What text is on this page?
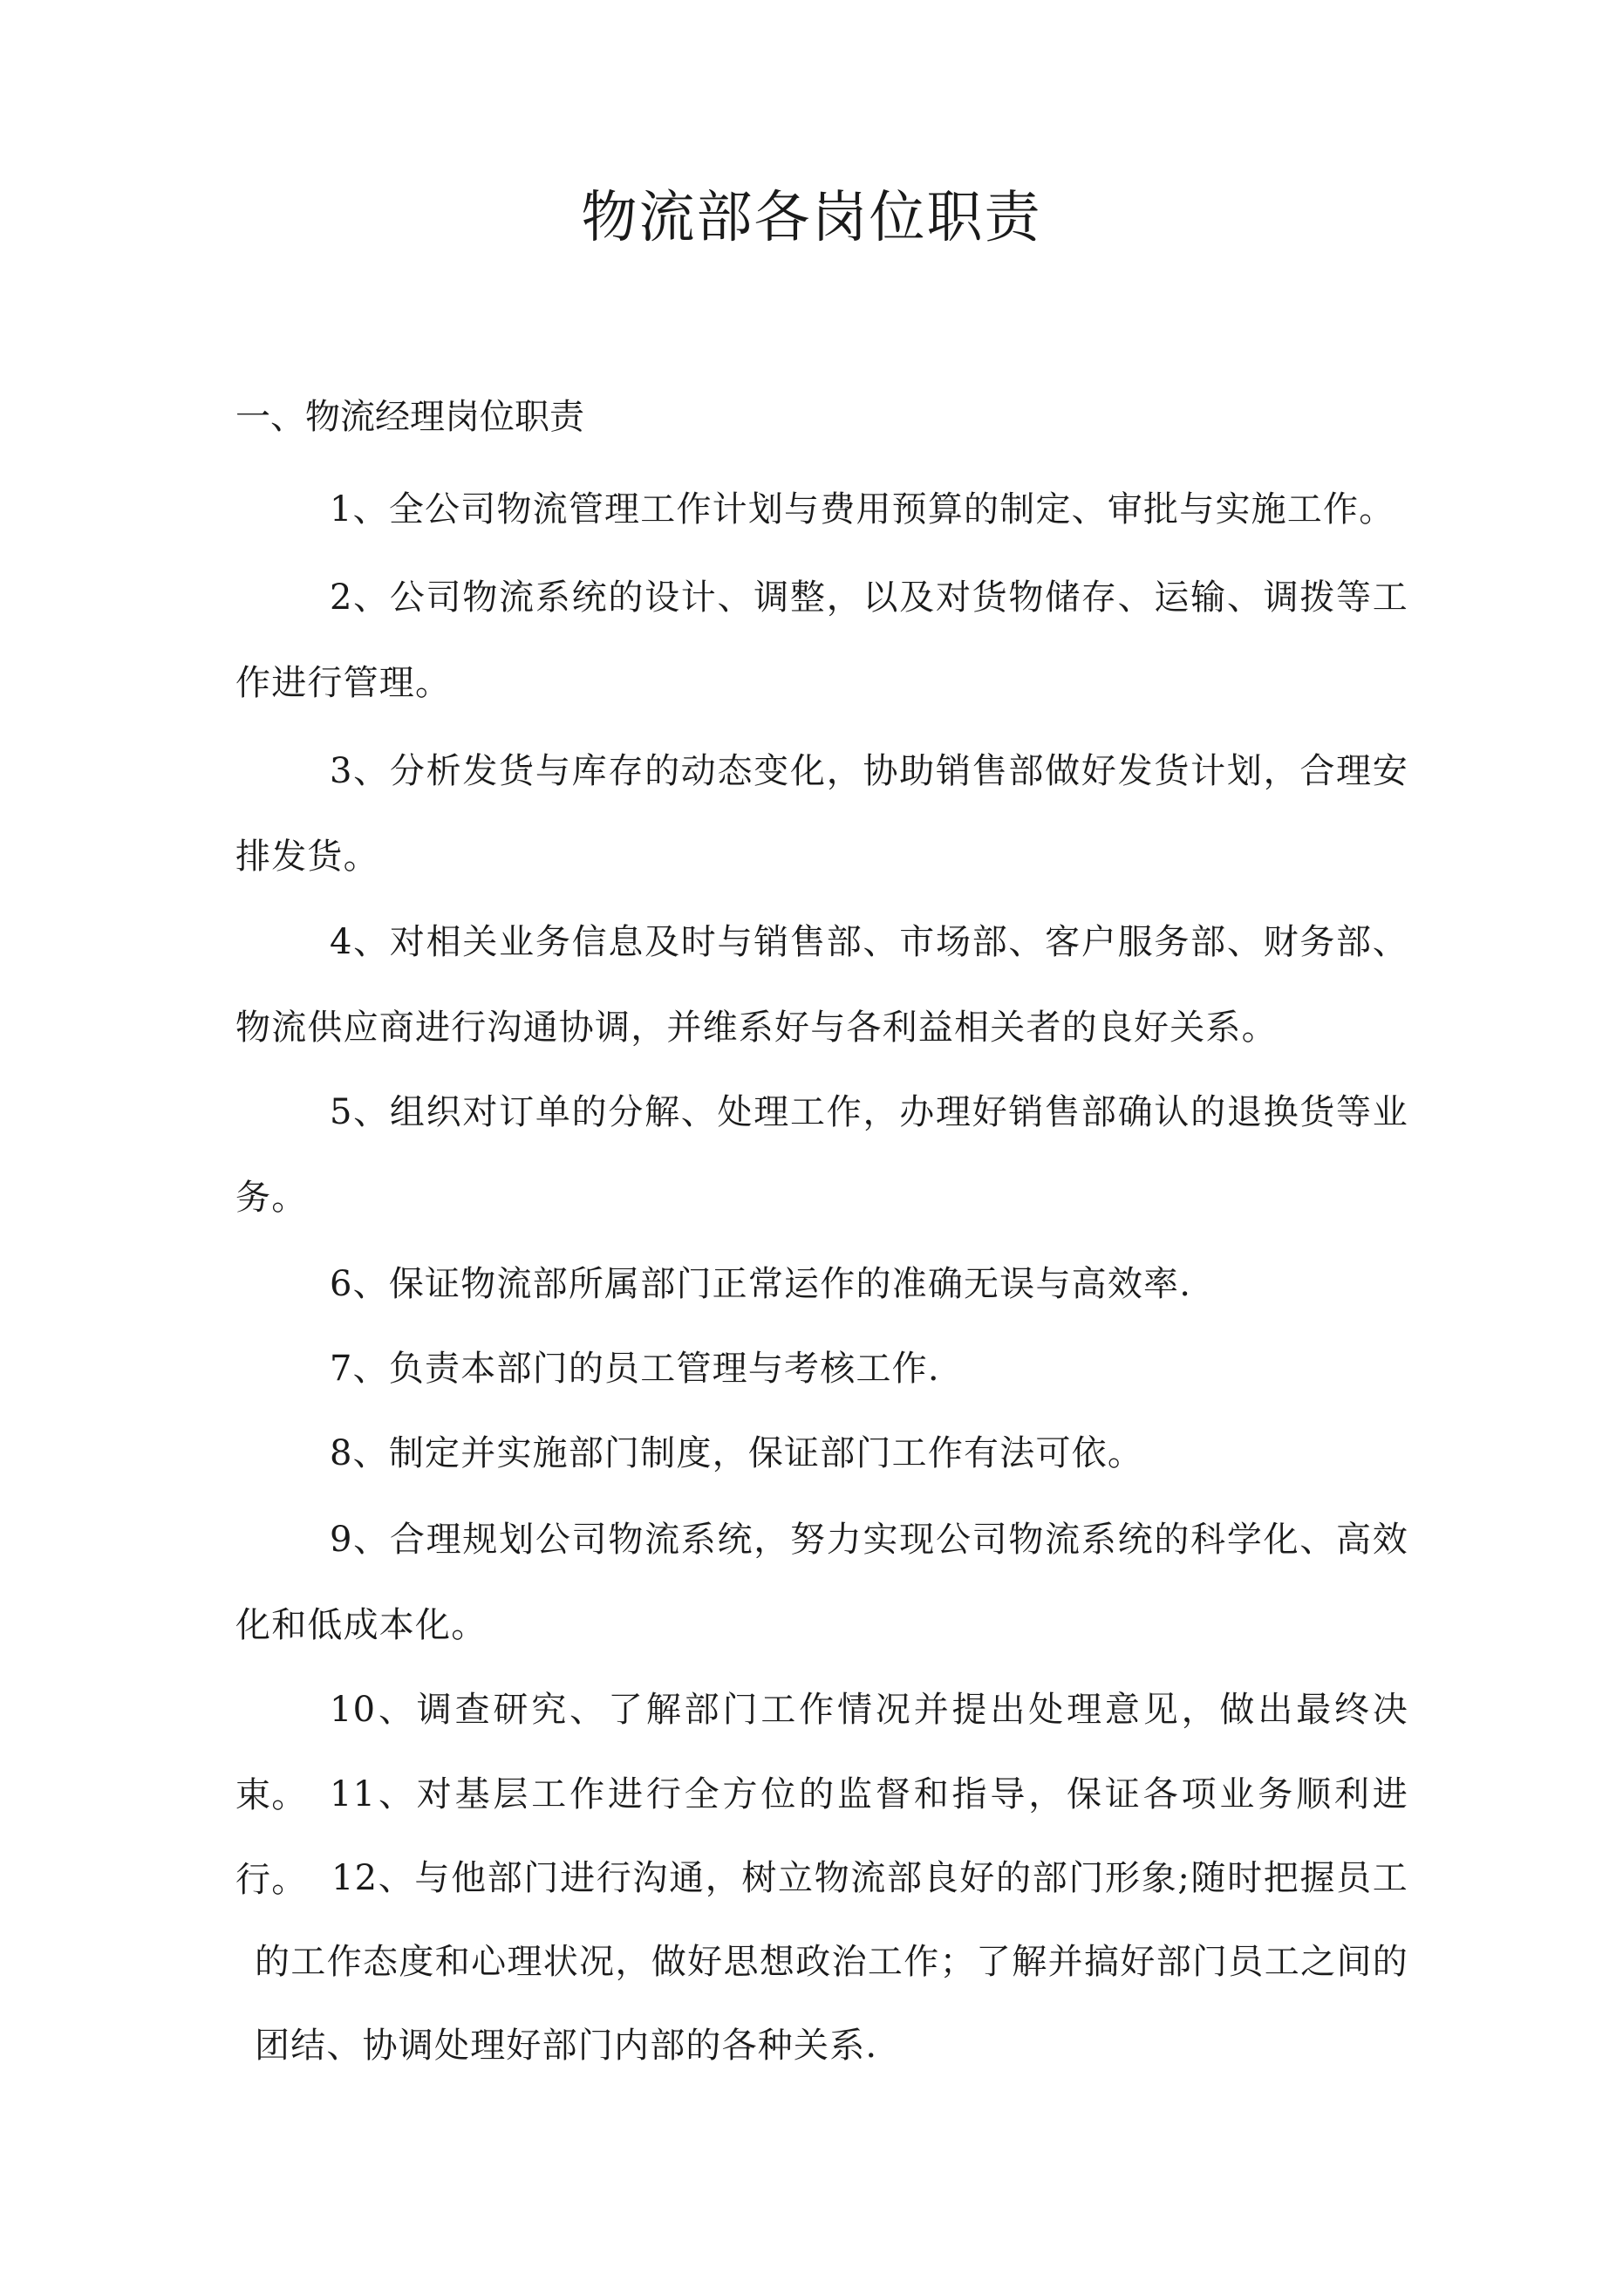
物流部各岗位职责

一、物流经理岗位职责

1、全公司物流管理工作计划与费用预算的制定、审批与实施工作。

2、公司物流系统的设计、调整，以及对货物储存、运输、调拨等工作进行管理。

3、分析发货与库存的动态变化，协助销售部做好发货计划，合理安排发货。

4、对相关业务信息及时与销售部、市场部、客户服务部、财务部、物流供应商进行沟通协调，并维系好与各利益相关者的良好关系。

5、组织对订单的分解、处理工作，办理好销售部确认的退换货等业务。

6、保证物流部所属部门正常运作的准确无误与高效率.

7、负责本部门的员工管理与考核工作.

8、制定并实施部门制度，保证部门工作有法可依。

9、合理规划公司物流系统，努力实现公司物流系统的科学化、高效化和低成本化。

10、调查研究、了解部门工作情况并提出处理意见，做出最终决束。 11、对基层工作进行全方位的监督和指导，保证各项业务顺利进行。 12、与他部门进行沟通，树立物流部良好的部门形象;随时把握员工的工作态度和心理状况，做好思想政治工作；了解并搞好部门员工之间的团结、协调处理好部门内部的各种关系.
